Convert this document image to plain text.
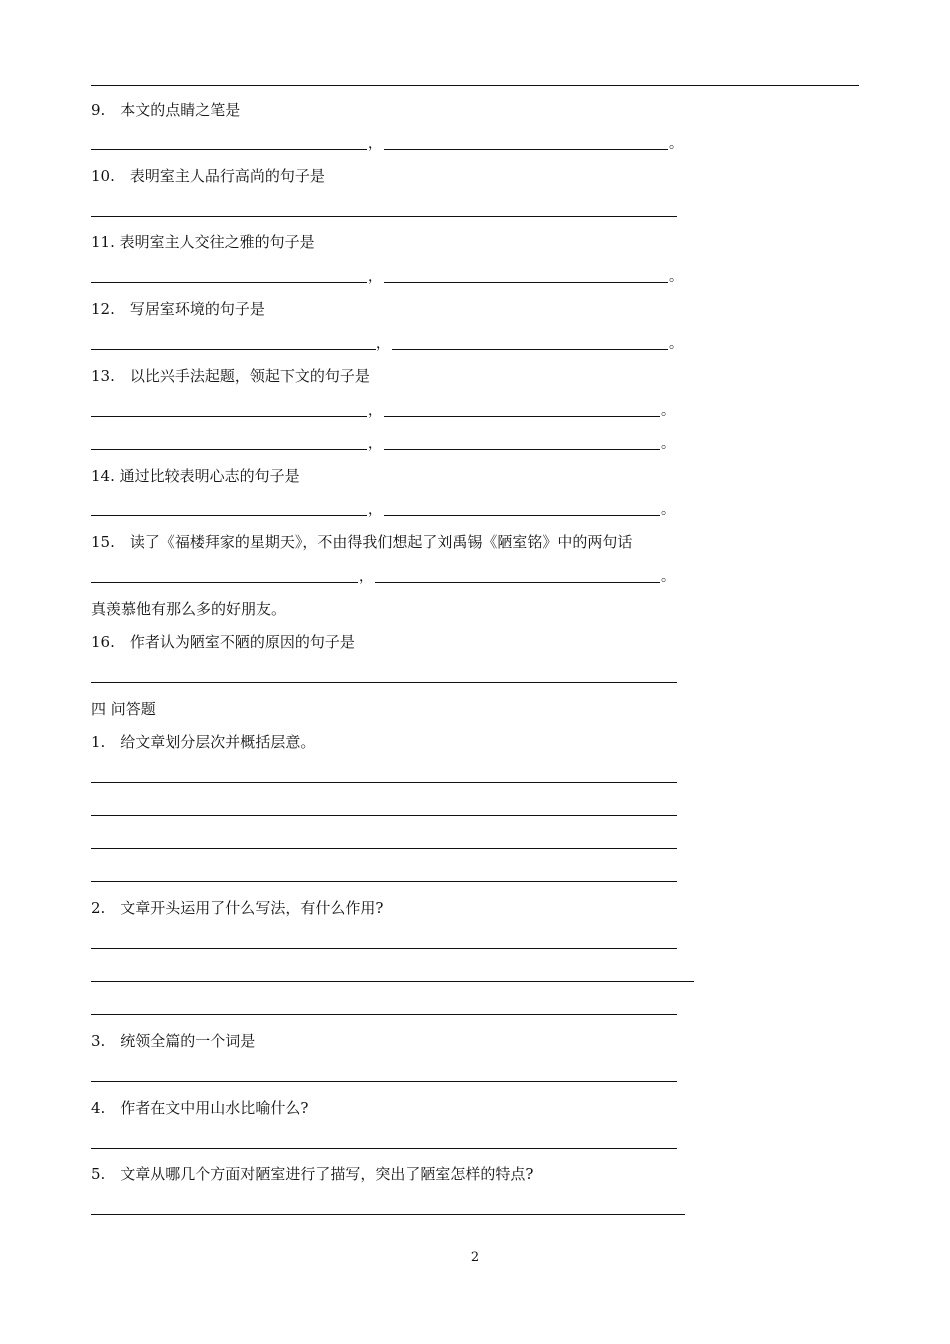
9.　本文的点睛之笔是
，	。
10.　表明室主人品行高尚的句子是
11. 表明室主人交往之雅的句子是
，	。
12.　写居室环境的句子是
，	。
13.　以比兴手法起题，领起下文的句子是
，	。
，	。
14. 通过比较表明心志的句子是
，	。
15.　读了《福楼拜家的星期天》，不由得我们想起了刘禹锡《陋室铭》中的两句话
，	。
真羡慕他有那么多的好朋友。
16.　作者认为陋室不陋的原因的句子是
四 问答题
1.　给文章划分层次并概括层意。
2.　文章开头运用了什么写法，有什么作用?
3.　统领全篇的一个词是
4.　作者在文中用山水比喻什么?
5.　文章从哪几个方面对陋室进行了描写，突出了陋室怎样的特点?
2
